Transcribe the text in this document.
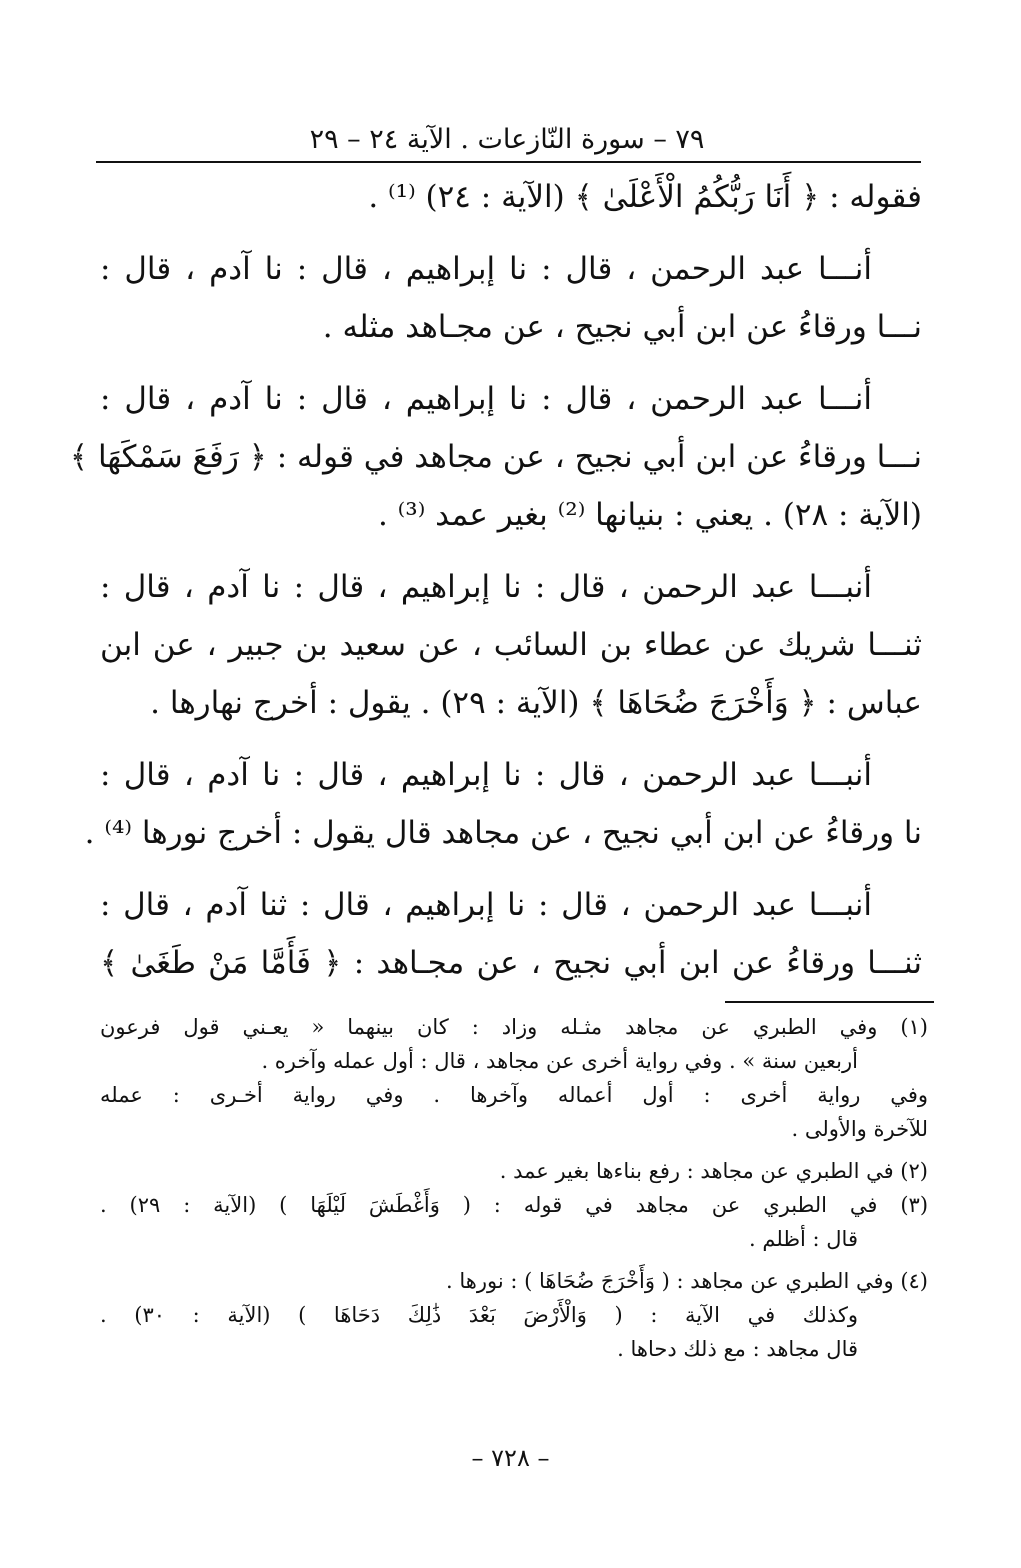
٧٩ – سورة النّازعات . الآية ٢٤ – ٢٩
فقوله : ﴿ أَنَا رَبُّكُمُ الْأَعْلَىٰ ﴾ (الآية : ٢٤) ⁽¹⁾ .
أنـــا عبد الرحمن ، قال : نا إبراهيم ، قال : نا آدم ، قال :
نـــا ورقاءُ عن ابن أبي نجيح ، عن مجـاهد مثله .
أنـــا عبد الرحمن ، قال : نا إبراهيم ، قال : نا آدم ، قال :
نـــا ورقاءُ عن ابن أبي نجيح ، عن مجاهد في قوله : ﴿ رَفَعَ سَمْكَهَا ﴾
(الآية : ٢٨) . يعني : بنيانها ⁽²⁾ بغير عمد ⁽³⁾ .
أنبـــا عبد الرحمن ، قال : نا إبراهيم ، قال : نا آدم ، قال :
ثنـــا شريك عن عطاء بن السائب ، عن سعيد بن جبير ، عن ابن
عباس : ﴿ وَأَخْرَجَ ضُحَاهَا ﴾ (الآية : ٢٩) . يقول : أخرج نهارها .
أنبـــا عبد الرحمن ، قال : نا إبراهيم ، قال : نا آدم ، قال :
نا ورقاءُ عن ابن أبي نجيح ، عن مجاهد قال يقول : أخرج نورها ⁽⁴⁾ .
أنبـــا عبد الرحمن ، قال : نا إبراهيم ، قال : ثنا آدم ، قال :
ثنـــا ورقاءُ عن ابن أبي نجيح ، عن مجـاهد : ﴿ فَأَمَّا مَنْ طَغَىٰ ﴾
(١) وفي الطبري عن مجاهد مثـله وزاد : كان بينهما « يعـني قول فرعون
أربعين سنة » . وفي رواية أخرى عن مجاهد ، قال : أول عمله وآخره .
وفي رواية أخرى : أول أعماله وآخرها . وفي رواية أخـرى : عمله
للآخرة والأولى .
(٢) في الطبري عن مجاهد : رفع بناءها بغير عمد .
(٣) في الطبري عن مجاهد في قوله : ( وَأَغْطَشَ لَيْلَهَا ) (الآية : ٢٩) .
قال : أظلم .
(٤) وفي الطبري عن مجاهد : ( وَأَخْرَجَ ضُحَاهَا ) : نورها .
وكذلك في الآية : ( وَالْأَرْضَ بَعْدَ ذَٰلِكَ دَحَاهَا ) (الآية : ٣٠) .
قال مجاهد : مع ذلك دحاها .
– ٧٢٨ –
